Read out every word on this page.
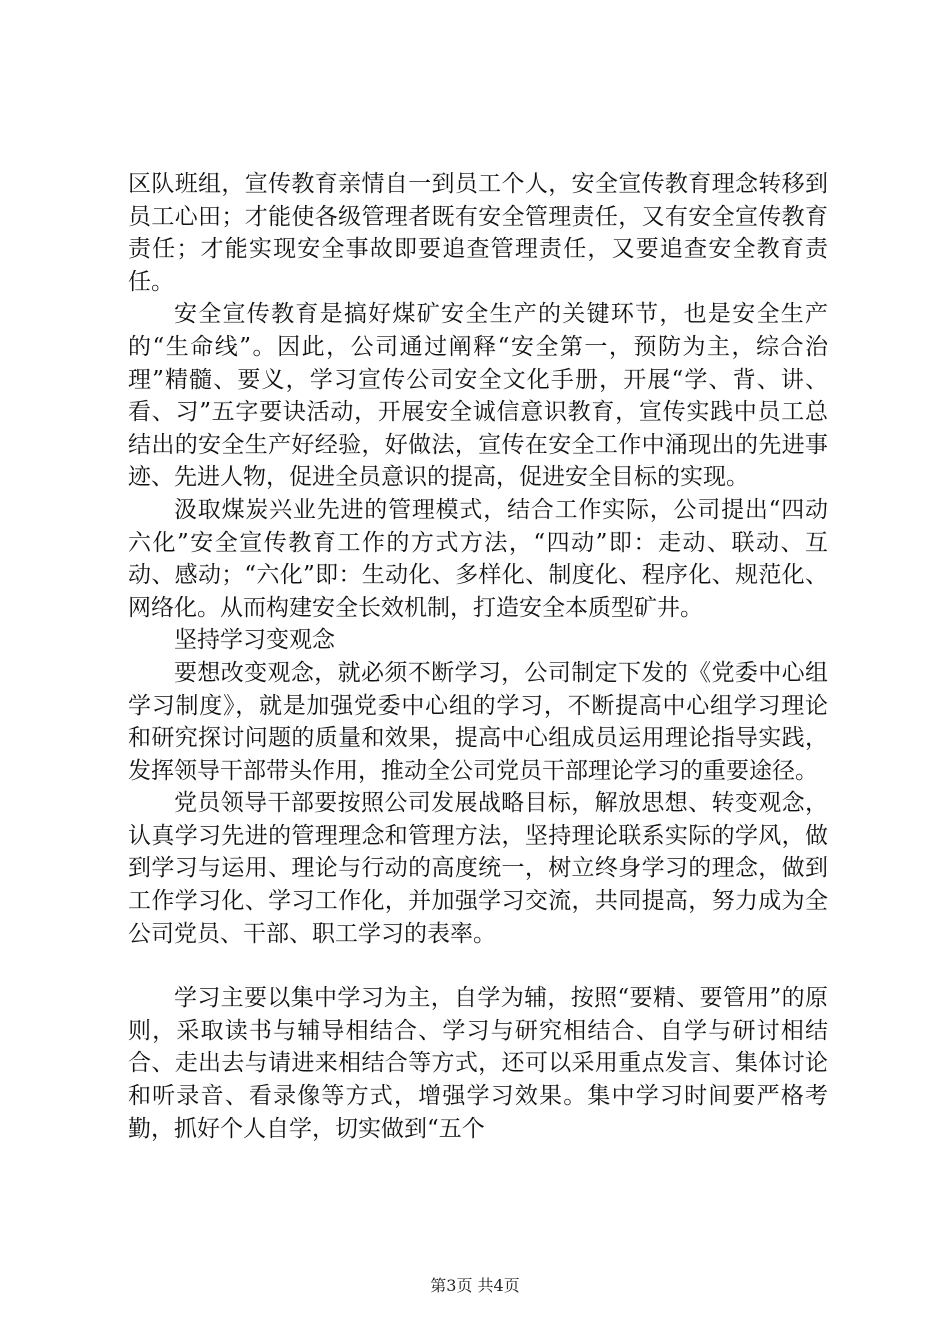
区队班组，宣传教育亲情自一到员工个人，安全宣传教育理念转移到员工心田；才能使各级管理者既有安全管理责任，又有安全宣传教育责任；才能实现安全事故即要追查管理责任，又要追查安全教育责任。

安全宣传教育是搞好煤矿安全生产的关键环节，也是安全生产的“生命线”。因此，公司通过阐释“安全第一，预防为主，综合治理”精髓、要义，学习宣传公司安全文化手册，开展“学、背、讲、看、习”五字要诀活动，开展安全诚信意识教育，宣传实践中员工总结出的安全生产好经验，好做法，宣传在安全工作中涌现出的先进事迹、先进人物，促进全员意识的提高，促进安全目标的实现。

汲取煤炭兴业先进的管理模式，结合工作实际，公司提出“四动六化”安全宣传教育工作的方式方法，“四动”即：走动、联动、互动、感动；“六化”即：生动化、多样化、制度化、程序化、规范化、网络化。从而构建安全长效机制，打造安全本质型矿井。

坚持学习变观念

要想改变观念，就必须不断学习，公司制定下发的《党委中心组学习制度》，就是加强党委中心组的学习，不断提高中心组学习理论和研究探讨问题的质量和效果，提高中心组成员运用理论指导实践，发挥领导干部带头作用，推动全公司党员干部理论学习的重要途径。

党员领导干部要按照公司发展战略目标，解放思想、转变观念，认真学习先进的管理理念和管理方法，坚持理论联系实际的学风，做到学习与运用、理论与行动的高度统一，树立终身学习的理念，做到工作学习化、学习工作化，并加强学习交流，共同提高，努力成为全公司党员、干部、职工学习的表率。

学习主要以集中学习为主，自学为辅，按照“要精、要管用”的原则，采取读书与辅导相结合、学习与研究相结合、自学与研讨相结合、走出去与请进来相结合等方式，还可以采用重点发言、集体讨论和听录音、看录像等方式，增强学习效果。集中学习时间要严格考勤，抓好个人自学，切实做到“五个

第3页 共4页
